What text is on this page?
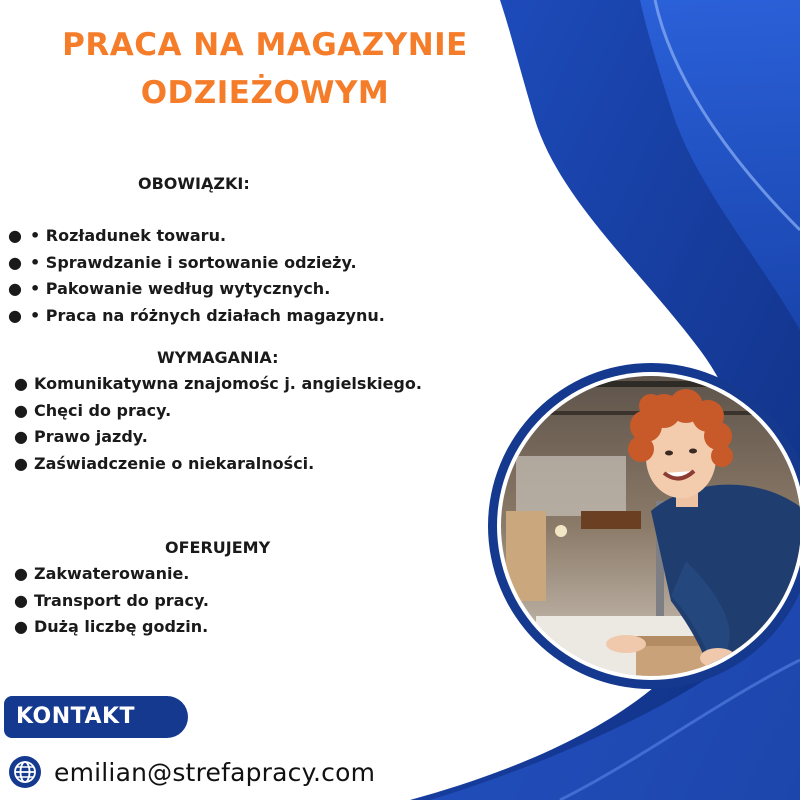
PRACA NA MAGAZYNIE
ODZIEŻOWYM
OBOWIĄZKI:
● • Rozładunek towaru.
● • Sprawdzanie i sortowanie odzieży.
● • Pakowanie według wytycznych.
● • Praca na różnych działach magazynu.
WYMAGANIA:
● Komunikatywna znajomośc j. angielskiego.
● Chęci do pracy.
● Prawo jazdy.
● Zaświadczenie o niekaralności.
OFERUJEMY
● Zakwaterowanie.
● Transport do pracy.
● Dużą liczbę godzin.
KONTAKT
emilian@strefapracy.com
